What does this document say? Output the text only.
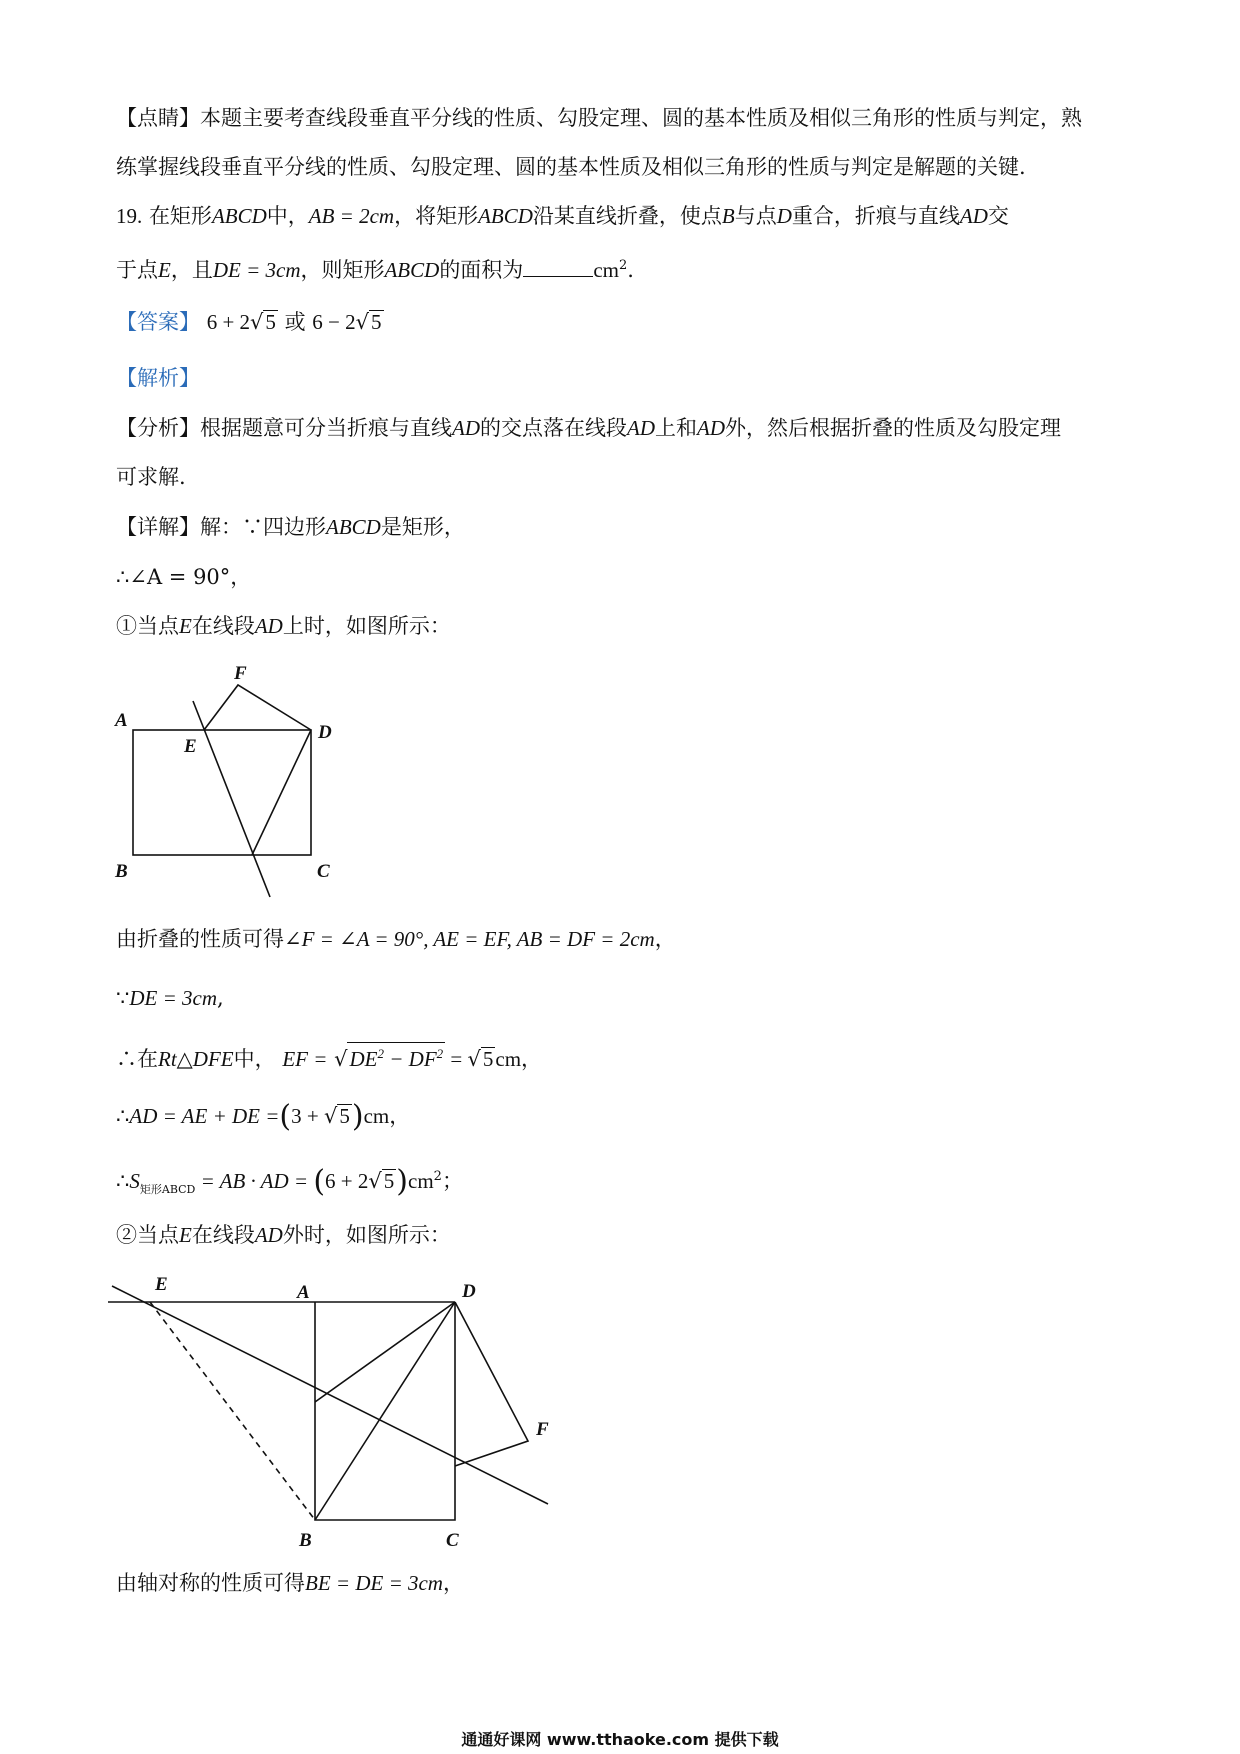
【点睛】本题主要考查线段垂直平分线的性质、勾股定理、圆的基本性质及相似三角形的性质与判定，熟
练掌握线段垂直平分线的性质、勾股定理、圆的基本性质及相似三角形的性质与判定是解题的关键.
19. 在矩形ABCD中，AB = 2cm，将矩形ABCD沿某直线折叠，使点B与点D重合，折痕与直线AD交
于点E，且DE = 3cm，则矩形ABCD的面积为	$cm^2$.
【答案】 6 + 2√5 或 6 − 2√5
【解析】
【分析】根据题意可分当折痕与直线AD的交点落在线段AD上和AD外，然后根据折叠的性质及勾股定理
可求解.
【详解】解：∵四边形ABCD是矩形，
∴∠A = 90°，
①当点E在线段AD上时，如图所示：
F
A
E
D
B	C
由折叠的性质可得∠F = ∠A = 90°, AE = EF, AB = DF = 2cm，
∵DE = 3cm,
∴在Rt△DFE中， EF = $√DE^2 - DF^2 = √5cm$，
∴AD = AE + DE =(3 + √5)cm，
$\therefore S_{矩形ABCD}$ = AB · AD = $(6 + 2√5)cm^2$；
②当点E在线段AD外时，如图所示：
E	A	D
F
B	C
由轴对称的性质可得BE = DE = 3cm，
通通好课网 www.tthaoke.com 提供下载
